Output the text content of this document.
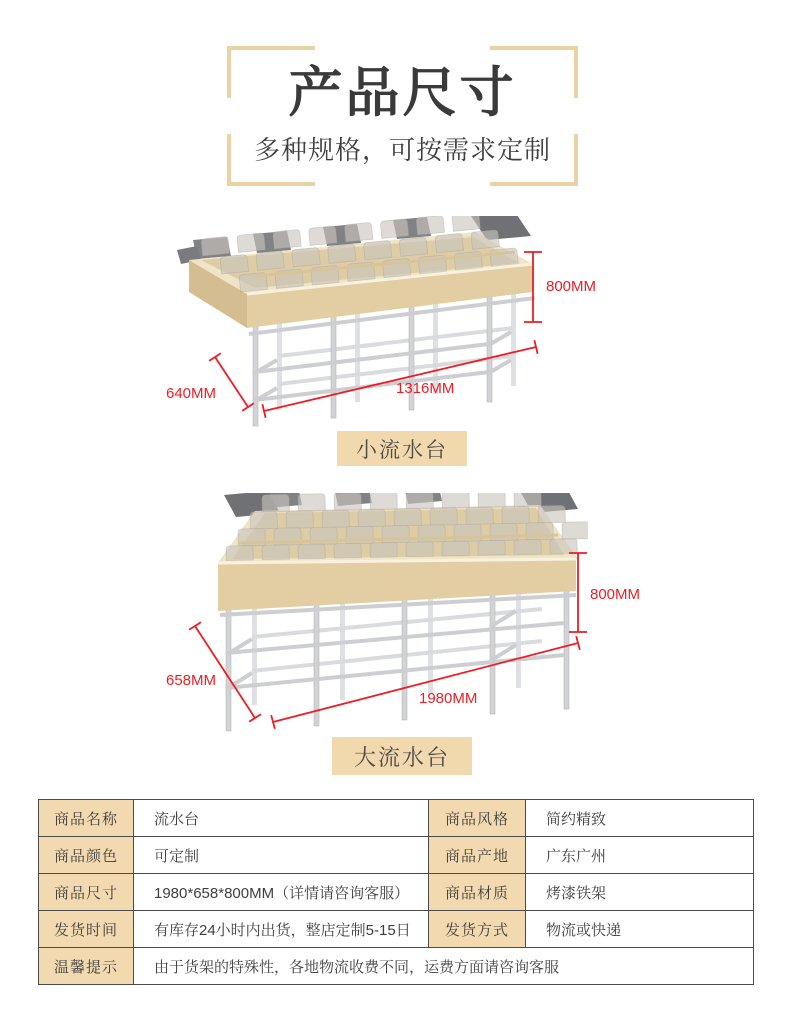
产品尺寸

多种规格，可按需求定制

800MM
640MM	1316MM
小流水台
800MM
658MM
1980MM
大流水台
商品名称	流水台	商品风格	简约精致
商品颜色	可定制	商品产地	广东广州
商品尺寸	1980*658*800MM（详情请咨询客服）	商品材质	烤漆铁架
发货时间	有库存24小时内出货，整店定制5-15日	发货方式	物流或快递
温馨提示	由于货架的特殊性，各地物流收费不同，运费方面请咨询客服		
